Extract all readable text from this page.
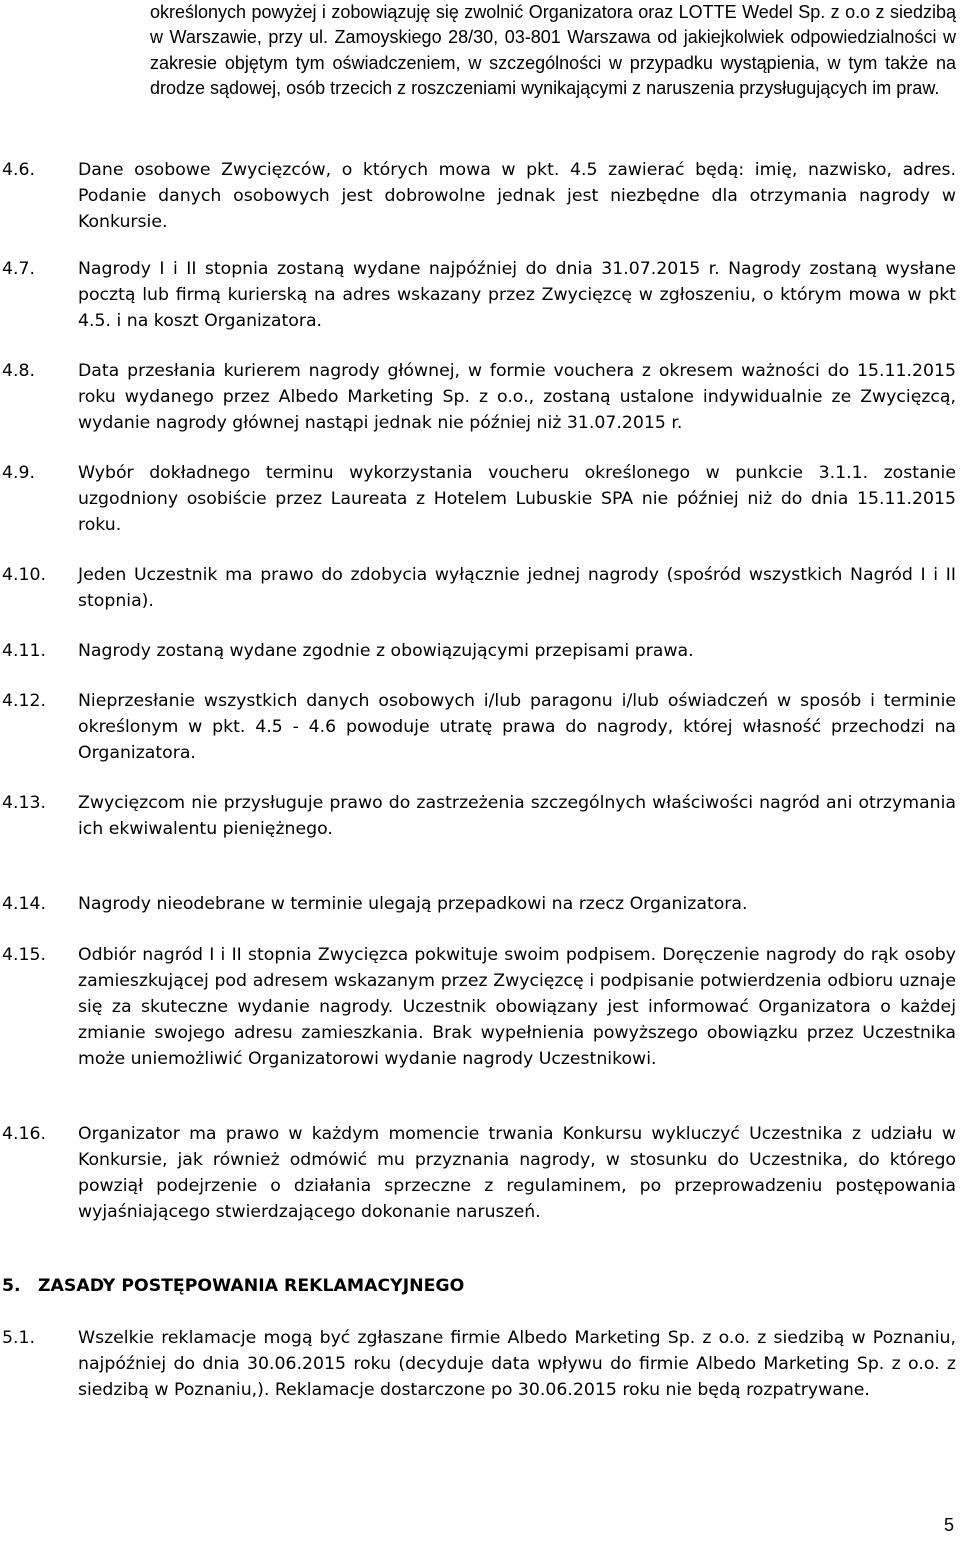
określonych powyżej i zobowiązuję się zwolnić Organizatora oraz LOTTE Wedel Sp. z o.o z siedzibą w Warszawie, przy ul. Zamoyskiego 28/30, 03-801 Warszawa od jakiejkolwiek odpowiedzialności w zakresie objętym tym oświadczeniem, w szczególności w przypadku wystąpienia, w tym także na drodze sądowej, osób trzecich z roszczeniami wynikającymi z naruszenia przysługujących im praw.
4.6. Dane osobowe Zwycięzców, o których mowa w pkt. 4.5 zawierać będą: imię, nazwisko, adres. Podanie danych osobowych jest dobrowolne jednak jest niezbędne dla otrzymania nagrody w Konkursie.
4.7. Nagrody I i II stopnia zostaną wydane najpóźniej do dnia 31.07.2015 r. Nagrody zostaną wysłane pocztą lub firmą kurierską na adres wskazany przez Zwycięzcę w zgłoszeniu, o którym mowa w pkt 4.5. i na koszt Organizatora.
4.8. Data przesłania kurierem nagrody głównej, w formie vouchera z okresem ważności do 15.11.2015 roku wydanego przez Albedo Marketing Sp. z o.o., zostaną ustalone indywidualnie ze Zwycięzcą, wydanie nagrody głównej nastąpi jednak nie później niż 31.07.2015 r.
4.9. Wybór dokładnego terminu wykorzystania voucheru określonego w punkcie 3.1.1. zostanie uzgodniony osobiście przez Laureata z Hotelem Lubuskie SPA nie później niż do dnia 15.11.2015 roku.
4.10. Jeden Uczestnik ma prawo do zdobycia wyłącznie jednej nagrody (spośród wszystkich Nagród I i II stopnia).
4.11. Nagrody zostaną wydane zgodnie z obowiązującymi przepisami prawa.
4.12. Nieprzesłanie wszystkich danych osobowych i/lub paragonu i/lub oświadczeń w sposób i terminie określonym w pkt. 4.5 - 4.6 powoduje utratę prawa do nagrody, której własność przechodzi na Organizatora.
4.13. Zwycięzcom nie przysługuje prawo do zastrzeżenia szczególnych właściwości nagród ani otrzymania ich ekwiwalentu pieniężnego.
4.14. Nagrody nieodebrane w terminie ulegają przepadkowi na rzecz Organizatora.
4.15. Odbiór nagród I i II stopnia Zwycięzca pokwituje swoim podpisem. Doręczenie nagrody do rąk osoby zamieszkującej pod adresem wskazanym przez Zwycięzcę i podpisanie potwierdzenia odbioru uznaje się za skuteczne wydanie nagrody. Uczestnik obowiązany jest informować Organizatora o każdej zmianie swojego adresu zamieszkania. Brak wypełnienia powyższego obowiązku przez Uczestnika może uniemożliwić Organizatorowi wydanie nagrody Uczestnikowi.
4.16. Organizator ma prawo w każdym momencie trwania Konkursu wykluczyć Uczestnika z udziału w Konkursie, jak również odmówić mu przyznania nagrody, w stosunku do Uczestnika, do którego powziął podejrzenie o działania sprzeczne z regulaminem, po przeprowadzeniu postępowania wyjaśniającego stwierdzającego dokonanie naruszeń.
5. ZASADY POSTĘPOWANIA REKLAMACYJNEGO
5.1. Wszelkie reklamacje mogą być zgłaszane firmie Albedo Marketing Sp. z o.o. z siedzibą w Poznaniu, najpóźniej do dnia 30.06.2015 roku (decyduje data wpływu do firmie Albedo Marketing Sp. z o.o. z siedzibą w Poznaniu,). Reklamacje dostarczone po 30.06.2015 roku nie będą rozpatrywane.
5
